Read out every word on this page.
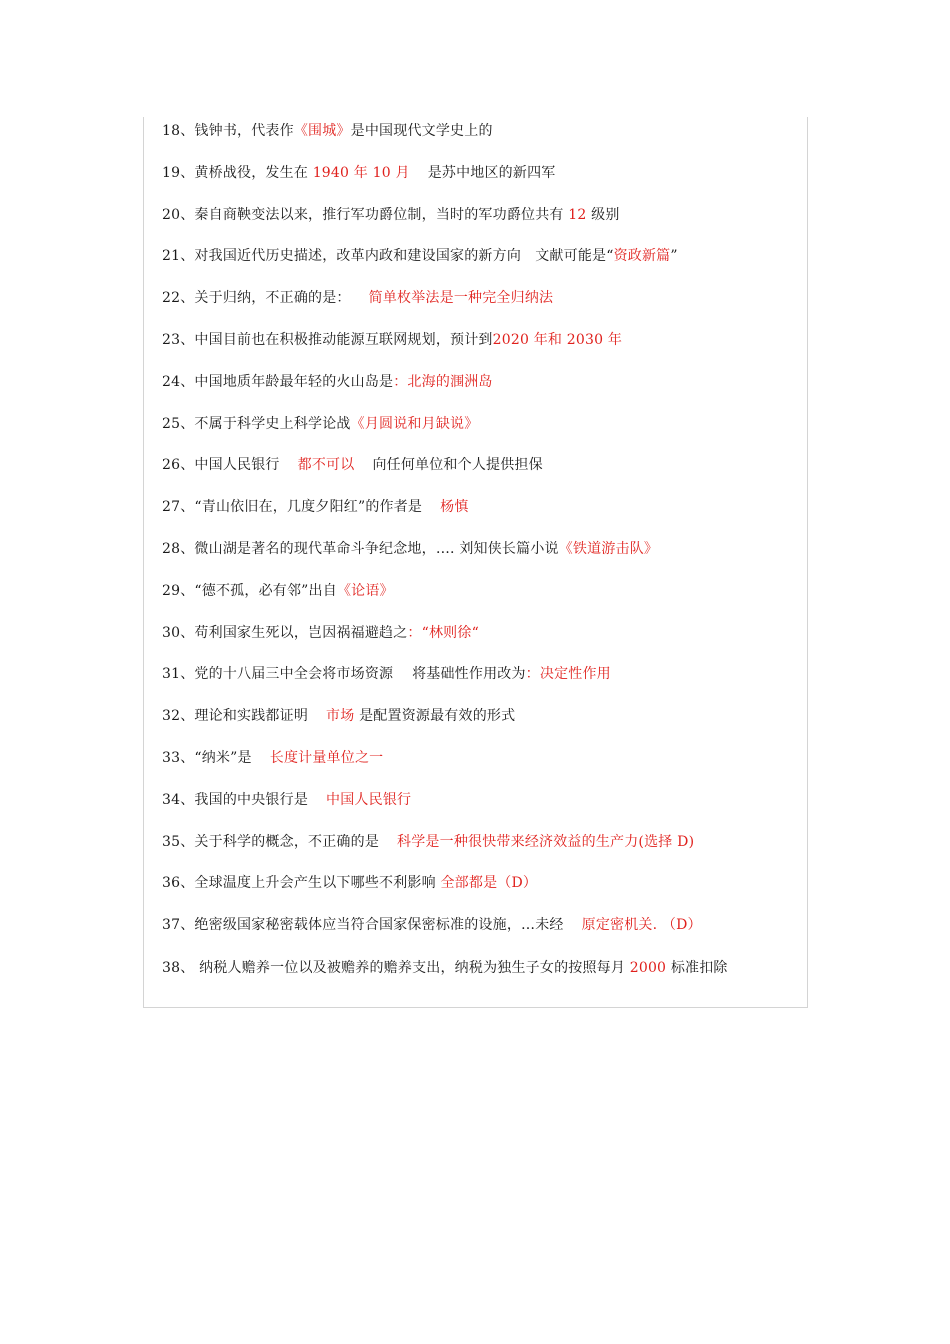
18、钱钟书，代表作《围城》是中国现代文学史上的
19、黄桥战役，发生在 1940 年 10 月 是苏中地区的新四军
20、秦自商鞅变法以来，推行军功爵位制，当时的军功爵位共有 12 级别
21、对我国近代历史描述，改革内政和建设国家的新方向　文献可能是“资政新篇”
22、关于归纳，不正确的是： 简单枚举法是一种完全归纳法
23、中国目前也在积极推动能源互联网规划，预计到2020 年和 2030 年
24、中国地质年龄最年轻的火山岛是：北海的涠洲岛
25、不属于科学史上科学论战《月圆说和月缺说》
26、中国人民银行 都不可以 向任何单位和个人提供担保
27、“青山依旧在，几度夕阳红”的作者是 杨慎
28、微山湖是著名的现代革命斗争纪念地，…. 刘知侠长篇小说《铁道游击队》
29、“德不孤，必有邻”出自《论语》
30、苟利国家生死以，岂因祸福避趋之：“林则徐“
31、党的十八届三中全会将市场资源　 将基础性作用改为：决定性作用
32、理论和实践都证明 市场 是配置资源最有效的形式
33、“纳米”是 长度计量单位之一
34、我国的中央银行是 中国人民银行
35、关于科学的概念，不正确的是 科学是一种很快带来经济效益的生产力(选择 D)
36、全球温度上升会产生以下哪些不利影响 全部都是（D）
37、绝密级国家秘密载体应当符合国家保密标准的设施，…未经 原定密机关. （D）
38、 纳税人赡养一位以及被赡养的赡养支出，纳税为独生子女的按照每月 2000 标准扣除
